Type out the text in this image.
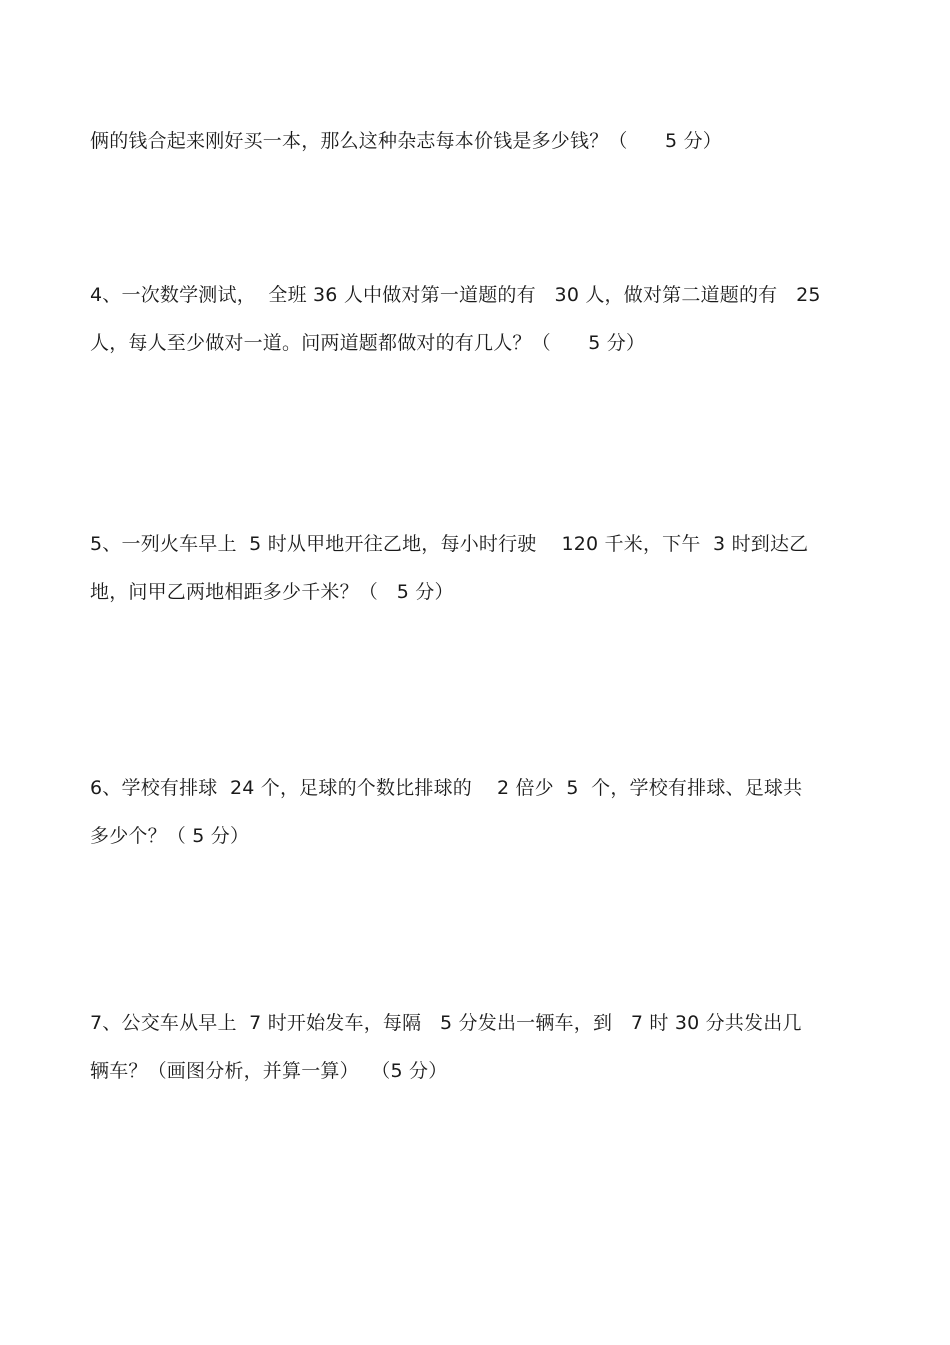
俩的钱合起来刚好买一本，那么这种杂志每本价钱是多少钱？（      5 分）
4、一次数学测试，  全班 36 人中做对第一道题的有   30 人，做对第二道题的有   25
人，每人至少做对一道。问两道题都做对的有几人？（      5 分）
5、一列火车早上  5 时从甲地开往乙地，每小时行驶    120 千米，下午  3 时到达乙
地，问甲乙两地相距多少千米？（   5 分）
6、学校有排球  24 个，足球的个数比排球的    2 倍少  5  个，学校有排球、足球共
多少个？（ 5 分）
7、公交车从早上  7 时开始发车，每隔   5 分发出一辆车，到   7 时 30 分共发出几
辆车？（画图分析，并算一算）  （5 分）
